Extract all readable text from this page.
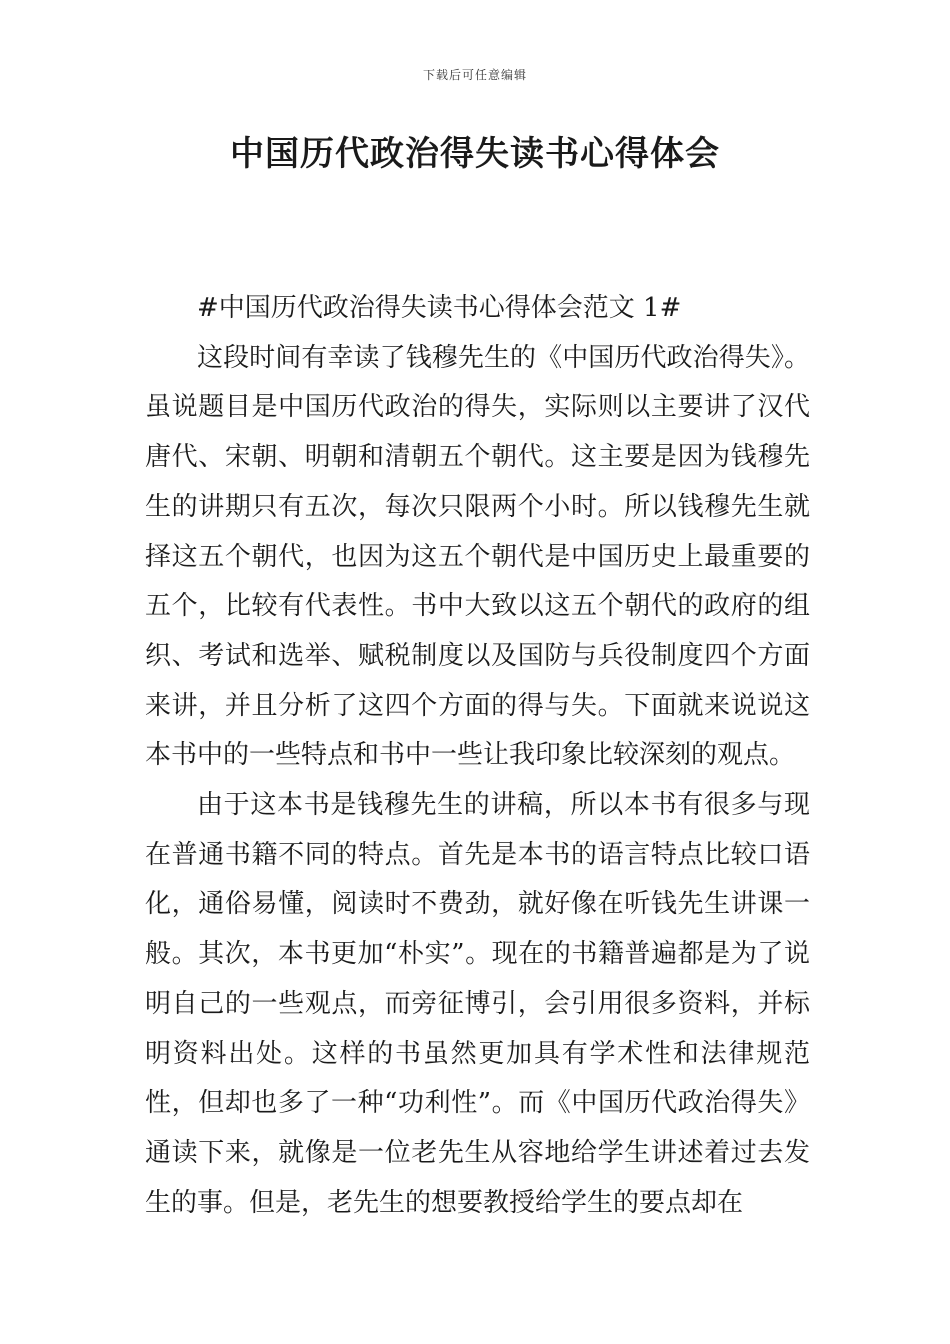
下载后可任意编辑
中国历代政治得失读书心得体会

#中国历代政治得失读书心得体会范文 1#

这段时间有幸读了钱穆先生的《中国历代政治得失》。虽说题目是中国历代政治的得失，实际则以主要讲了汉代唐代、宋朝、明朝和清朝五个朝代。这主要是因为钱穆先生的讲期只有五次，每次只限两个小时。所以钱穆先生就择这五个朝代，也因为这五个朝代是中国历史上最重要的五个，比较有代表性。书中大致以这五个朝代的政府的组织、考试和选举、赋税制度以及国防与兵役制度四个方面来讲，并且分析了这四个方面的得与失。下面就来说说这本书中的一些特点和书中一些让我印象比较深刻的观点。

由于这本书是钱穆先生的讲稿，所以本书有很多与现在普通书籍不同的特点。首先是本书的语言特点比较口语化，通俗易懂，阅读时不费劲，就好像在听钱先生讲课一般。其次，本书更加“朴实”。现在的书籍普遍都是为了说明自己的一些观点，而旁征博引，会引用很多资料，并标明资料出处。这样的书虽然更加具有学术性和法律规范性，但却也多了一种“功利性”。而《中国历代政治得失》通读下来，就像是一位老先生从容地给学生讲述着过去发生的事。但是，老先生的想要教授给学生的要点却在
